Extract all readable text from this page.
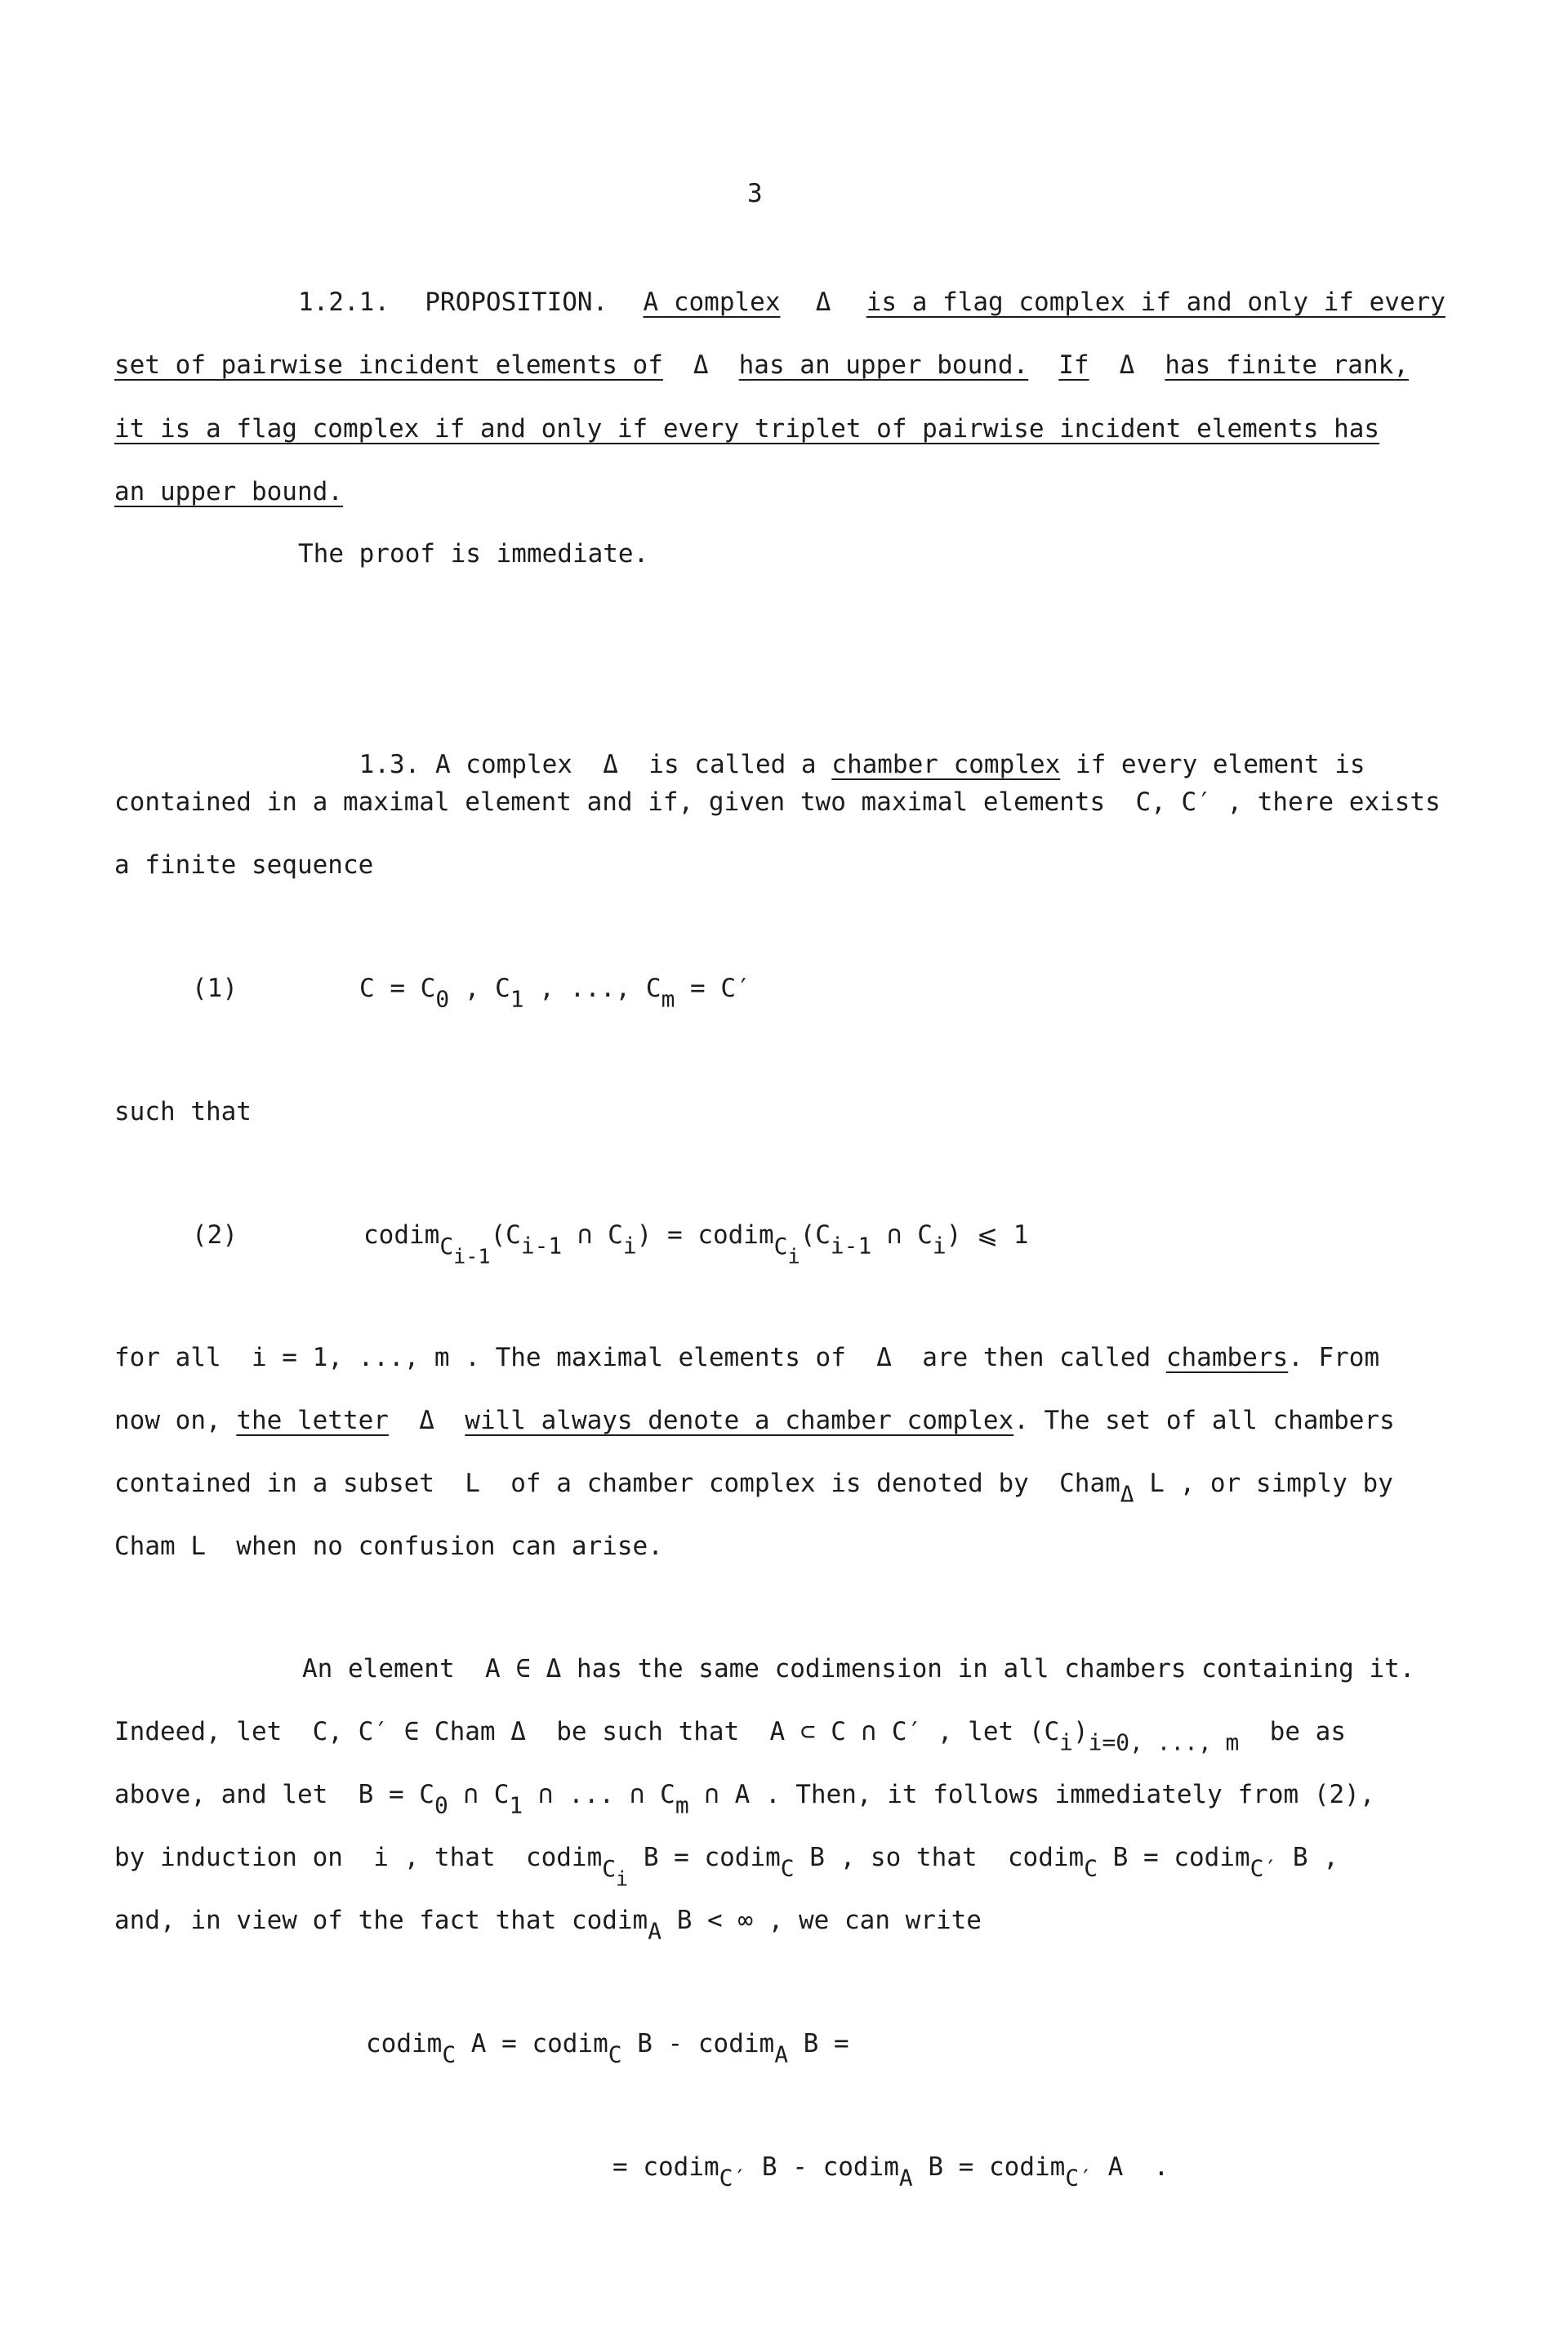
3
1.2.1. PROPOSITION. A complex Δ is a flag complex if and only if every
set of pairwise incident elements of Δ has an upper bound. If Δ has finite rank,
it is a flag complex if and only if every triplet of pairwise incident elements has
an upper bound.
The proof is immediate.

1.3. A complex Δ is called a chamber complex if every element is

contained in a maximal element and if, given two maximal elements  C, C′ , there exists
a finite sequence
(1)	$C = C_0$ , $C_1$ , ..., $C_m = C'$
such that
(2)	$codim_{C_{i-1}}(C_{i-1}$ ∩ $C_i$) = $codim_{C_i}(C_{i-1}$ ∩ $C_i$) ⩽ 1
for all  i = 1, ..., m . The maximal elements of Δ are then called chambers. From
now on, the letter Δ will always denote a chamber complex. The set of all chambers
contained in a subset  L  of a chamber complex is denoted by  Cham$_\Delta$ L , or simply by
Cham L  when no confusion can arise.
An element  A ∈ Δ has the same codimension in all chambers containing it.
Indeed, let  C, C′ ∈ Cham Δ  be such that  A ⊂ C ∩ C′ , let $(C_i)_{i=0, ..., m}$  be as
above, and let  $B = C_0$ ∩ $C_1$ ∩ ... ∩ $C_m$ ∩ A . Then, it follows immediately from (2),
by induction on  i , that  codim$_{C_i}$ B = codim$_C$ B , so that  codim$_C$ B = codim$_{C'}$ B ,
and, in view of the fact that codim$_A$ B < ∞ , we can write
codim$_C$ A = codim$_C$ B - codim$_A$ B =
= codim$_{C'}$ B - codim$_A$ B = codim$_{C'}$ A  .
